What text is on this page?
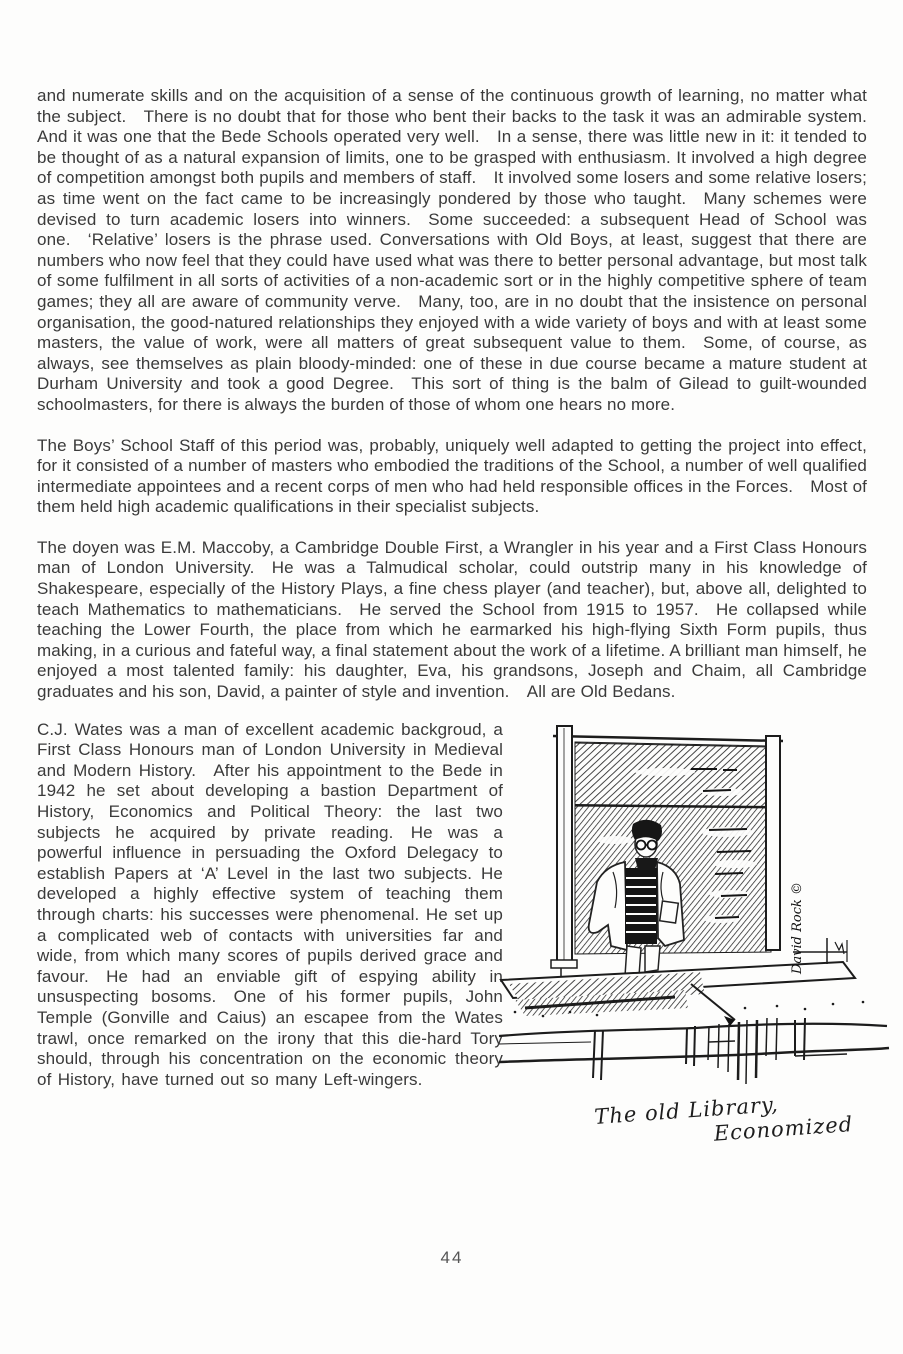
and numerate skills and on the acquisition of a sense of the continuous growth of learning, no matter what the subject.  There is no doubt that for those who bent their backs to the task it was an admirable system. And it was one that the Bede Schools operated very well.  In a sense, there was little new in it: it tended to be thought of as a natural expansion of limits, one to be grasped with enthusiasm. It involved a high degree of competition amongst both pupils and members of staff.  It involved some losers and some relative losers; as time went on the fact came to be increasingly pondered by those who taught.  Many schemes were devised to turn academic losers into winners.  Some succeeded: a subsequent Head of School was one.  ‘Relative’ losers is the phrase used. Conversations with Old Boys, at least, suggest that there are numbers who now feel that they could have used what was there to better personal advantage, but most talk of some fulfilment in all sorts of activities of a non-academic sort or in the highly competitive sphere of team games; they all are aware of community verve.  Many, too, are in no doubt that the insistence on personal organisation, the good-natured relationships they enjoyed with a wide variety of boys and with at least some masters, the value of work, were all matters of great subsequent value to them.  Some, of course, as always, see themselves as plain bloody-minded: one of these in due course became a mature student at Durham University and took a good Degree.  This sort of thing is the balm of Gilead to guilt-wounded schoolmasters, for there is always the burden of those of whom one hears no more.

The Boys’ School Staff of this period was, probably, uniquely well adapted to getting the project into effect, for it consisted of a number of masters who embodied the traditions of the School, a number of well qualified intermediate appointees and a recent corps of men who had held responsible offices in the Forces.  Most of them held high academic qualifications in their specialist subjects.

The doyen was E.M. Maccoby, a Cambridge Double First, a Wrangler in his year and a First Class Honours man of London University.  He was a Talmudical scholar, could outstrip many in his knowledge of Shakespeare, especially of the History Plays, a fine chess player (and teacher), but, above all, delighted to teach Mathematics to mathematicians.  He served the School from 1915 to 1957.  He collapsed while teaching the Lower Fourth, the place from which he earmarked his high-flying Sixth Form pupils, thus making, in a curious and fateful way, a final statement about the work of a lifetime. A brilliant man himself, he enjoyed a most talented family: his daughter, Eva, his grandsons, Joseph and Chaim, all Cambridge graduates and his son, David, a painter of style and invention.  All are Old Bedans.

C.J. Wates was a man of excellent academic backgroud, a First Class Honours man of London University in Medieval and Modern History.  After his appointment to the Bede in 1942 he set about developing a bastion Department of History, Economics and Political Theory: the last two subjects he acquired by private reading.  He was a powerful influence in persuading the Oxford Delegacy to establish Papers at ‘A’ Level in the last two subjects. He developed a highly effective system of teaching them through charts: his successes were phenomenal. He set up a complicated web of contacts with universities far and wide, from which many scores of pupils derived grace and favour.  He had an enviable gift of espying ability in unsuspecting bosoms.  One of his former pupils, John Temple (Gonville and Caius) an escapee from the Wates trawl, once remarked on the irony that this die-hard Tory should, through his concentration on the economic theory of History, have turned out so many Left-wingers.

David Rock ©
The old Library,
Economized
44
